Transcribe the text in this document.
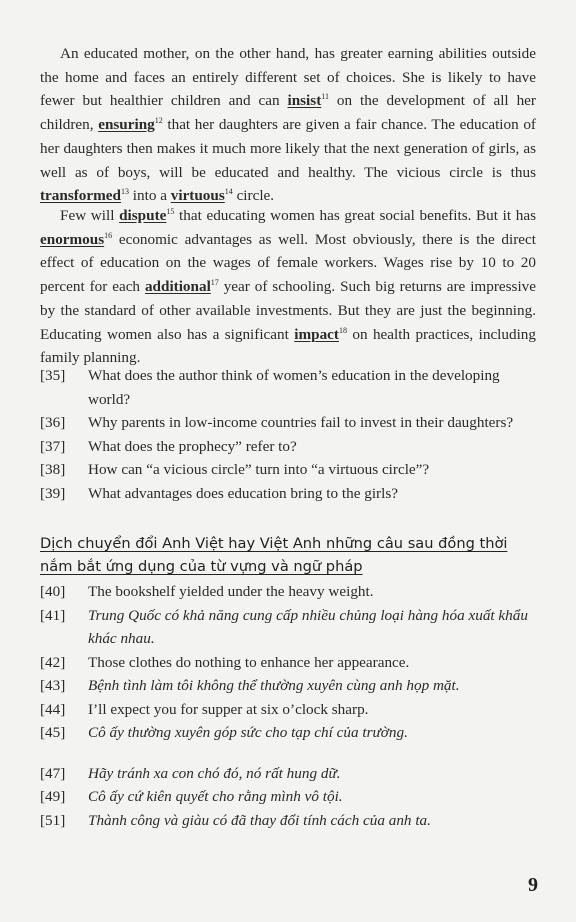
An educated mother, on the other hand, has greater earning abilities outside the home and faces an entirely different set of choices. She is likely to have fewer but healthier children and can insist$^{11}$ on the development of all her children, ensuring$^{12}$ that her daughters are given a fair chance. The education of her daughters then makes it much more likely that the next generation of girls, as well as of boys, will be educated and healthy. The vicious circle is thus transformed$^{13}$ into a virtuous$^{14}$ circle.

Few will dispute$^{15}$ that educating women has great social benefits. But it has enormous$^{16}$ economic advantages as well. Most obviously, there is the direct effect of education on the wages of female workers. Wages rise by 10 to 20 percent for each additional$^{17}$ year of schooling. Such big returns are impressive by the standard of other available investments. But they are just the beginning. Educating women also has a significant impact$^{18}$ on health practices, including family planning.

[35]	What does the author think of women’s education in the developing world?
[36]	Why parents in low-income countries fail to invest in their daughters?
[37]	What does the prophecy” refer to?
[38]	How can “a vicious circle” turn into “a virtuous circle”?
[39]	What advantages does education bring to the girls?
Dịch chuyển đổi Anh Việt hay Việt Anh những câu sau đồng thời nắm bắt ứng dụng của từ vựng và ngữ pháp
[40]	The bookshelf yielded under the heavy weight.
[41]	Trung Quốc có khả năng cung cấp nhiều chủng loại hàng hóa xuất khẩu khác nhau.
[42]	Those clothes do nothing to enhance her appearance.
[43]	Bệnh tình làm tôi không thể thường xuyên cùng anh họp mặt.
[44]	I’ll expect you for supper at six o’clock sharp.
[45]	Cô ấy thường xuyên góp sức cho tạp chí của trường.
[47]	Hãy tránh xa con chó đó, nó rất hung dữ.
[49]	Cô ấy cứ kiên quyết cho rằng mình vô tội.
[51]	Thành công và giàu có đã thay đổi tính cách của anh ta.
9
